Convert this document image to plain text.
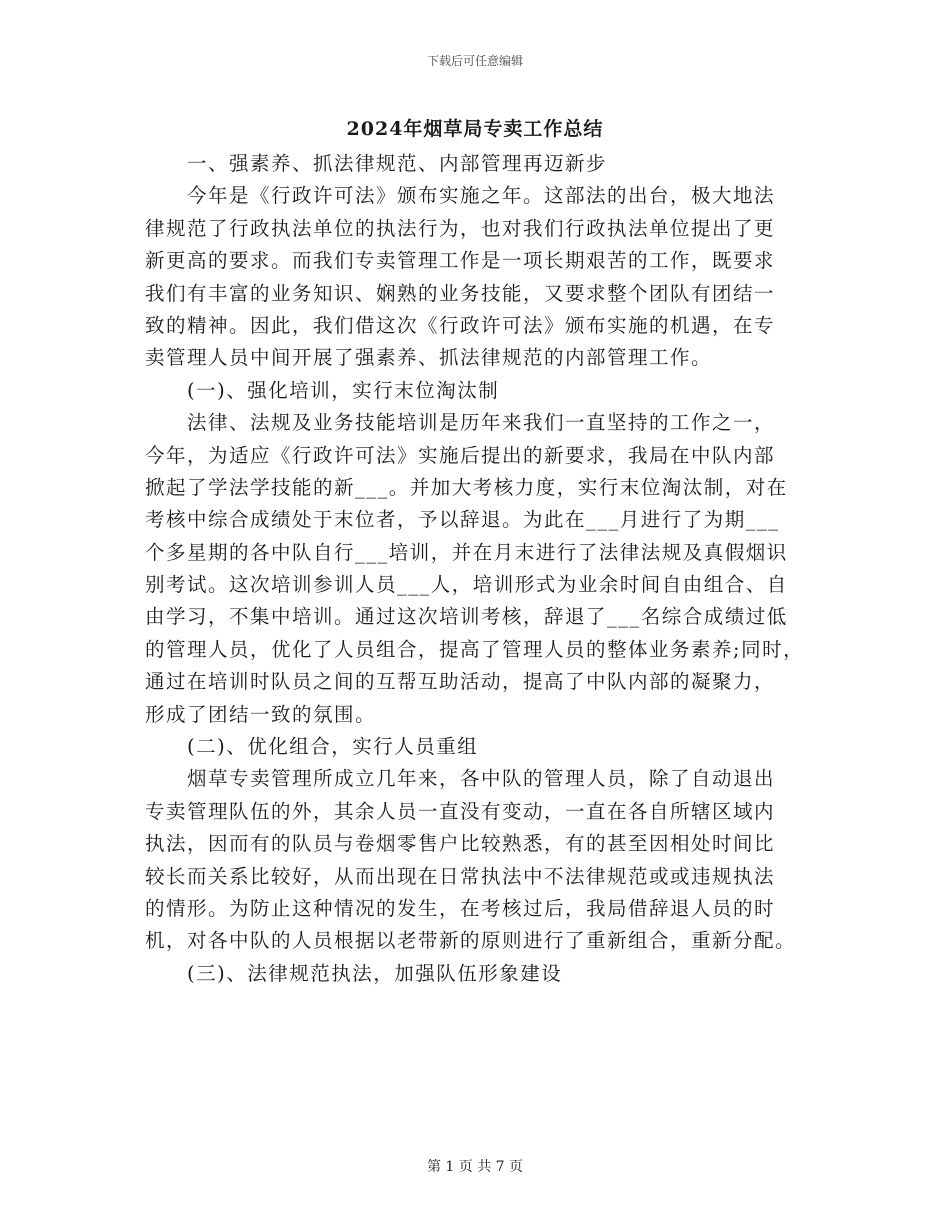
下载后可任意编辑
2024年烟草局专卖工作总结
一、强素养、抓法律规范、内部管理再迈新步
今年是《行政许可法》颁布实施之年。这部法的出台，极大地法
律规范了行政执法单位的执法行为，也对我们行政执法单位提出了更
新更高的要求。而我们专卖管理工作是一项长期艰苦的工作，既要求
我们有丰富的业务知识、娴熟的业务技能，又要求整个团队有团结一
致的精神。因此，我们借这次《行政许可法》颁布实施的机遇，在专
卖管理人员中间开展了强素养、抓法律规范的内部管理工作。
(一)、强化培训，实行末位淘汰制
法律、法规及业务技能培训是历年来我们一直坚持的工作之一，
今年，为适应《行政许可法》实施后提出的新要求，我局在中队内部
掀起了学法学技能的新___。并加大考核力度，实行末位淘汰制，对在
考核中综合成绩处于末位者，予以辞退。为此在___月进行了为期___
个多星期的各中队自行___培训，并在月末进行了法律法规及真假烟识
别考试。这次培训参训人员___人，培训形式为业余时间自由组合、自
由学习，不集中培训。通过这次培训考核，辞退了___名综合成绩过低
的管理人员，优化了人员组合，提高了管理人员的整体业务素养;同时，
通过在培训时队员之间的互帮互助活动，提高了中队内部的凝聚力，
形成了团结一致的氛围。
(二)、优化组合，实行人员重组
烟草专卖管理所成立几年来，各中队的管理人员，除了自动退出
专卖管理队伍的外，其余人员一直没有变动，一直在各自所辖区域内
执法，因而有的队员与卷烟零售户比较熟悉，有的甚至因相处时间比
较长而关系比较好，从而出现在日常执法中不法律规范或或违规执法
的情形。为防止这种情况的发生，在考核过后，我局借辞退人员的时
机，对各中队的人员根据以老带新的原则进行了重新组合，重新分配。
(三)、法律规范执法，加强队伍形象建设
第 1 页 共 7 页
